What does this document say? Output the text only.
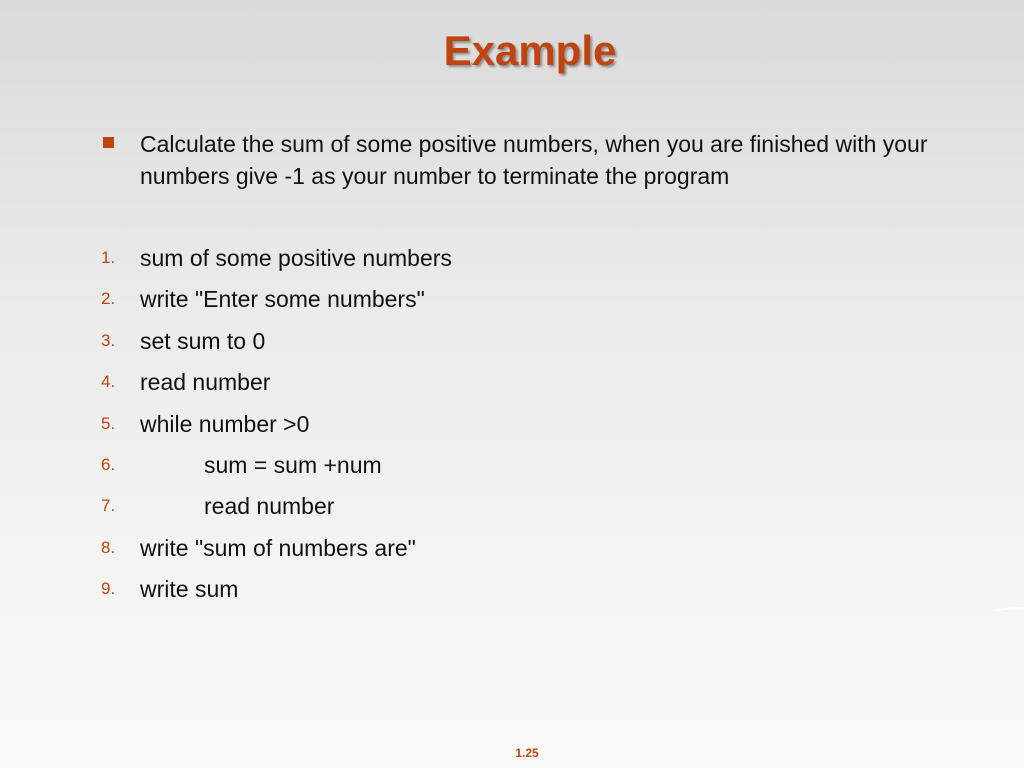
Example
Calculate the sum of some positive numbers, when you are finished with your numbers give -1 as your number to terminate the program
1. sum of some positive numbers
2. write "Enter some numbers"
3. set sum to 0
4. read number
5. while number >0
6.	sum = sum +num
7.	read number
8. write "sum of numbers are"
9. write sum
1.25
